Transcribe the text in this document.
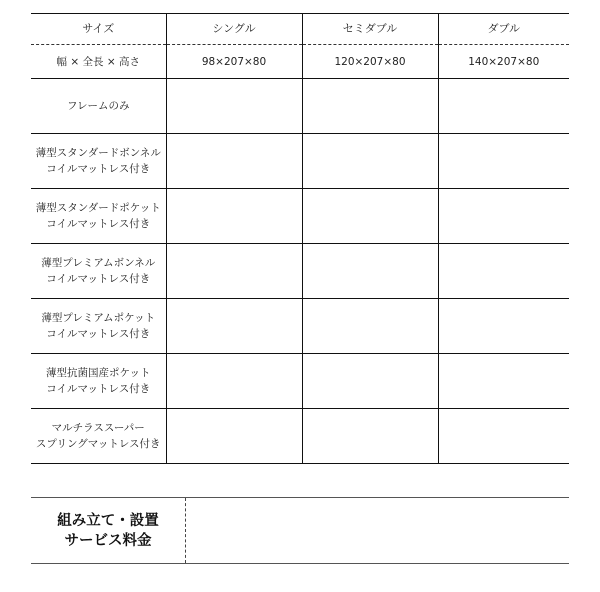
サイズ	シングル	セミダブル	ダブル
幅 × 全長 × 高さ	98×207×80	120×207×80	140×207×80

フレームのみ			

薄型スタンダードボンネル
コイルマットレス付き			

薄型スタンダードポケット
コイルマットレス付き			

薄型プレミアムボンネル
コイルマットレス付き			

薄型プレミアムポケット
コイルマットレス付き			

薄型抗菌国産ポケット
コイルマットレス付き			

マルチラススーパー
スプリングマットレス付き			

組み立て・設置
サービス料金
